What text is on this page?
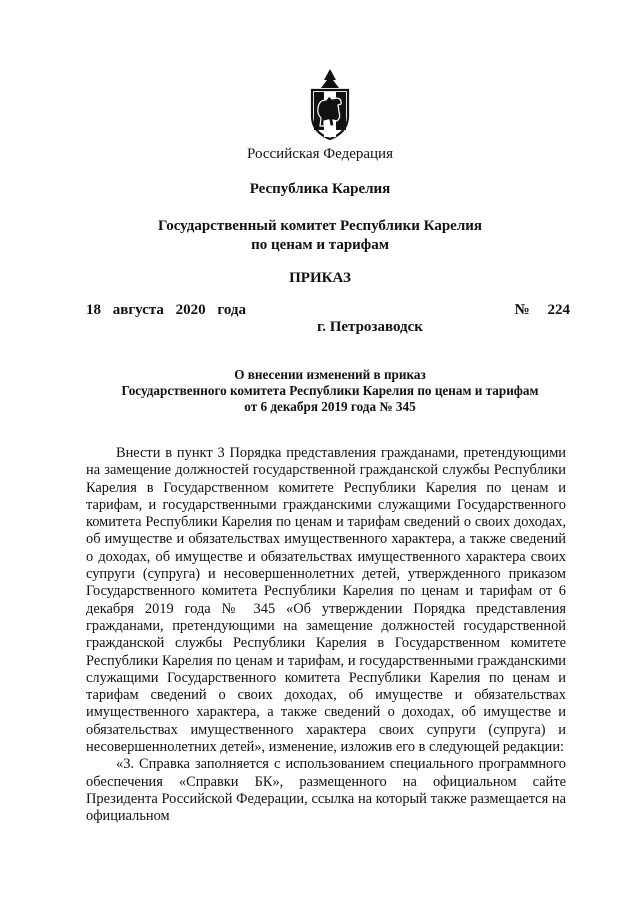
Российская Федерация
Республика Карелия
Государственный комитет Республики Карелия
по ценам и тарифам
ПРИКАЗ
18 августа 2020 года	№ 224
г. Петрозаводск
О внесении изменений в приказ
Государственного комитета Республики Карелия по ценам и тарифам
от 6 декабря 2019 года № 345

Внести в пункт 3 Порядка представления гражданами, претендующими на замещение должностей государственной гражданской службы Республики Карелия в Государственном комитете Республики Карелия по ценам и тарифам, и государственными гражданскими служащими Государственного комитета Республики Карелия по ценам и тарифам сведений о своих доходах, об имуществе и обязательствах имущественного характера, а также сведений о доходах, об имуществе и обязательствах имущественного характера своих супруги (супруга) и несовершеннолетних детей, утвержденного приказом Государственного комитета Республики Карелия по ценам и тарифам от 6 декабря 2019 года № 345 «Об утверждении Порядка представления гражданами, претендующими на замещение должностей государственной гражданской службы Республики Карелия в Государственном комитете Республики Карелия по ценам и тарифам, и государственными гражданскими служащими Государственного комитета Республики Карелия по ценам и тарифам сведений о своих доходах, об имуществе и обязательствах имущественного характера, а также сведений о доходах, об имуществе и обязательствах имущественного характера своих супруги (супруга) и несовершеннолетних детей», изменение, изложив его в следующей редакции:

«3. Справка заполняется с использованием специального программного обеспечения «Справки БК», размещенного на официальном сайте Президента Российской Федерации, ссылка на который также размещается на официальном
